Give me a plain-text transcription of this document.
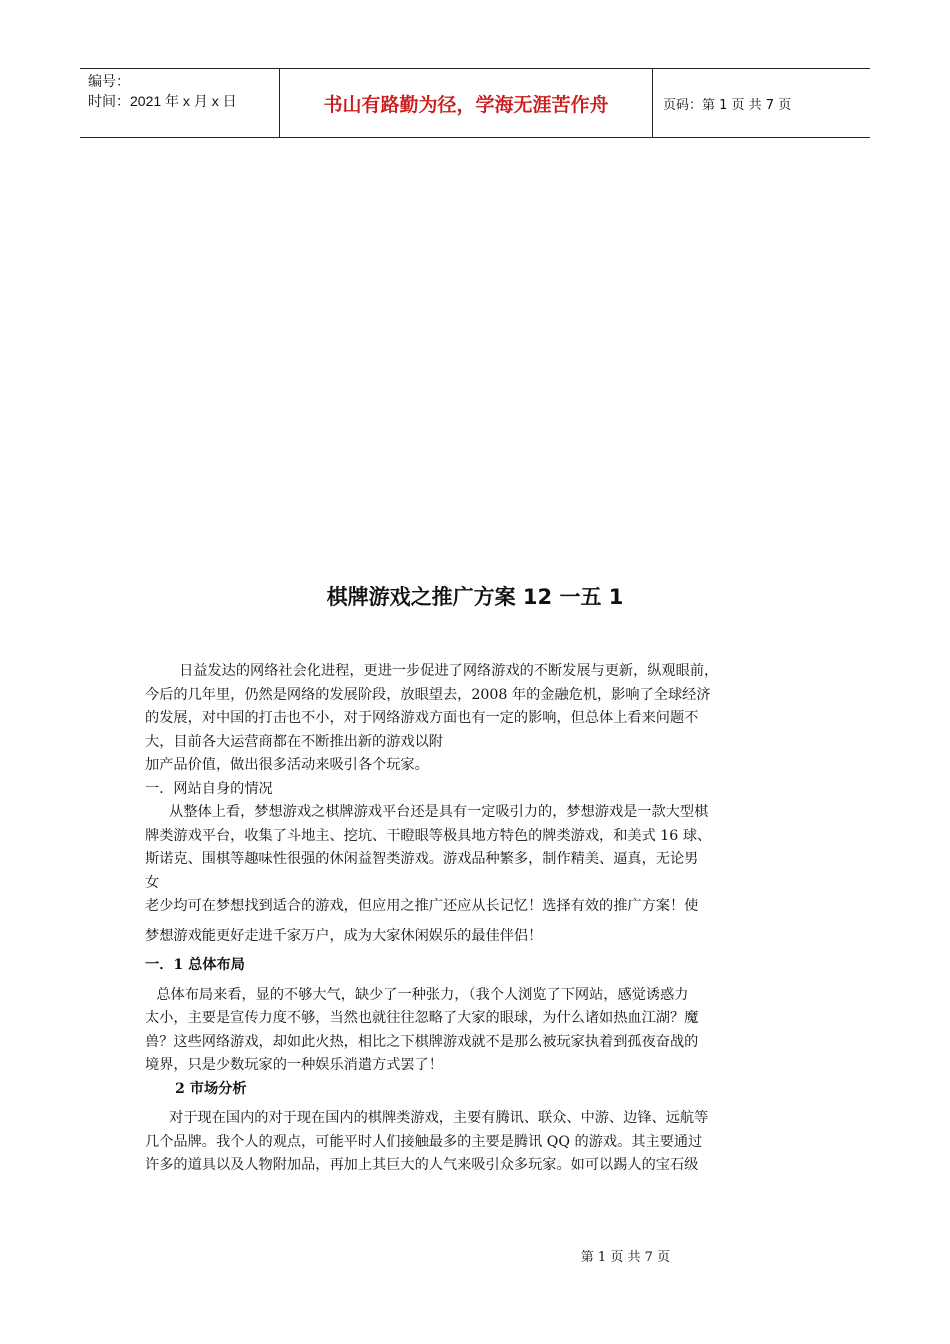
编号：
时间：2021 年 x 月 x 日	书山有路勤为径，学海无涯苦作舟	页码：第 1 页 共 7 页
棋牌游戏之推广方案 12 一五 1

日益发达的网络社会化进程，更进一步促进了网络游戏的不断发展与更新，纵观眼前，

今后的几年里，仍然是网络的发展阶段，放眼望去，2008 年的金融危机，影响了全球经济

的发展，对中国的打击也不小，对于网络游戏方面也有一定的影响，但总体上看来问题不

大，目前各大运营商都在不断推出新的游戏以附

加产品价值，做出很多活动来吸引各个玩家。

一．网站自身的情况

从整体上看，梦想游戏之棋牌游戏平台还是具有一定吸引力的，梦想游戏是一款大型棋

牌类游戏平台，收集了斗地主、挖坑、干瞪眼等极具地方特色的牌类游戏，和美式 16 球、

斯诺克、围棋等趣味性很强的休闲益智类游戏。游戏品种繁多，制作精美、逼真，无论男

女

老少均可在梦想找到适合的游戏，但应用之推广还应从长记忆！选择有效的推广方案！使

梦想游戏能更好走进千家万户，成为大家休闲娱乐的最佳伴侣！

一．1 总体布局

总体布局来看，显的不够大气，缺少了一种张力，（我个人浏览了下网站，感觉诱惑力

太小，主要是宣传力度不够，当然也就往往忽略了大家的眼球，为什么诸如热血江湖？魔

兽？这些网络游戏，却如此火热，相比之下棋牌游戏就不是那么被玩家执着到孤夜奋战的

境界，只是少数玩家的一种娱乐消遣方式罢了！

2 市场分析

对于现在国内的对于现在国内的棋牌类游戏，主要有腾讯、联众、中游、边锋、远航等

几个品牌。我个人的观点，可能平时人们接触最多的主要是腾讯 QQ 的游戏。其主要通过

许多的道具以及人物附加品，再加上其巨大的人气来吸引众多玩家。如可以踢人的宝石级

第 1 页 共 7 页
